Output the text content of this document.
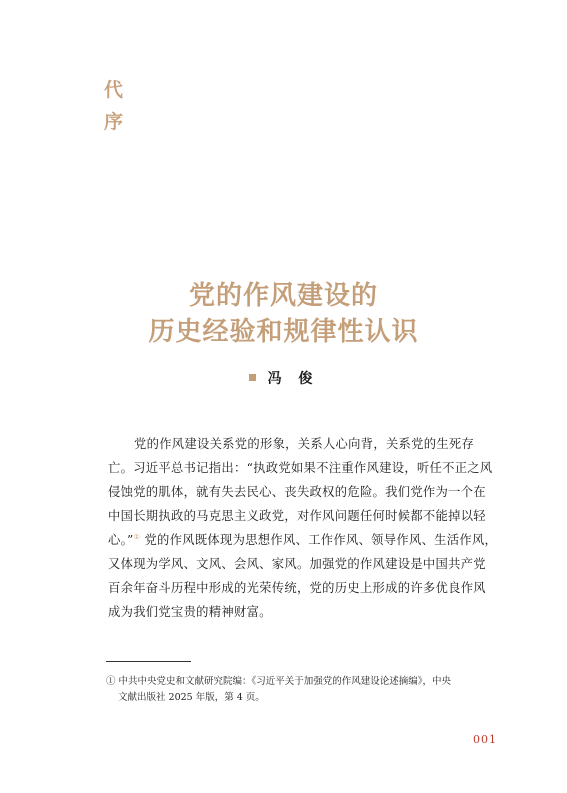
代
序
党的作风建设的
历史经验和规律性认识
冯 俊
党的作风建设关系党的形象，关系人心向背，关系党的生死存
亡。习近平总书记指出：“执政党如果不注重作风建设，听任不正之风
侵蚀党的肌体，就有失去民心、丧失政权的危险。我们党作为一个在
中国长期执政的马克思主义政党，对作风问题任何时候都不能掉以轻
心。”① 党的作风既体现为思想作风、工作作风、领导作风、生活作风，
又体现为学风、文风、会风、家风。加强党的作风建设是中国共产党
百余年奋斗历程中形成的光荣传统，党的历史上形成的许多优良作风
成为我们党宝贵的精神财富。
① 中共中央党史和文献研究院编：《习近平关于加强党的作风建设论述摘编》，中央
文献出版社 2025 年版，第 4 页。
001
